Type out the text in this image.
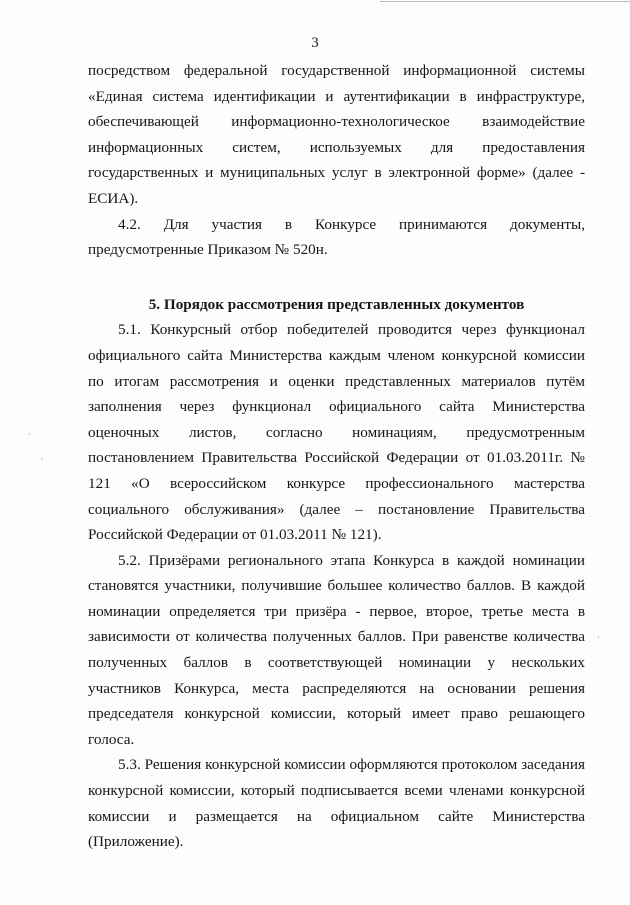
3

посредством федеральной государственной информационной системы «Единая система идентификации и аутентификации в инфраструктуре, обеспечивающей информационно-технологическое взаимодействие информационных систем, используемых для предоставления государственных и муниципальных услуг в электронной форме» (далее - ЕСИА).

4.2. Для участия в Конкурсе принимаются документы, предусмотренные Приказом № 520н.

5. Порядок рассмотрения представленных документов

5.1. Конкурсный отбор победителей проводится через функционал официального сайта Министерства каждым членом конкурсной комиссии по итогам рассмотрения и оценки представленных материалов путём заполнения через функционал официального сайта Министерства оценочных листов, согласно номинациям, предусмотренным постановлением Правительства Российской Федерации от 01.03.2011г. № 121 «О всероссийском конкурсе профессионального мастерства социального обслуживания» (далее – постановление Правительства Российской Федерации от 01.03.2011 № 121).

5.2. Призёрами регионального этапа Конкурса в каждой номинации становятся участники, получившие большее количество баллов. В каждой номинации определяется три призёра - первое, второе, третье места в зависимости от количества полученных баллов. При равенстве количества полученных баллов в соответствующей номинации у нескольких участников Конкурса, места распределяются на основании решения председателя конкурсной комиссии, который имеет право решающего голоса.

5.3. Решения конкурсной комиссии оформляются протоколом заседания конкурсной комиссии, который подписывается всеми членами конкурсной комиссии и размещается на официальном сайте Министерства (Приложение).

·
ˋ
·
